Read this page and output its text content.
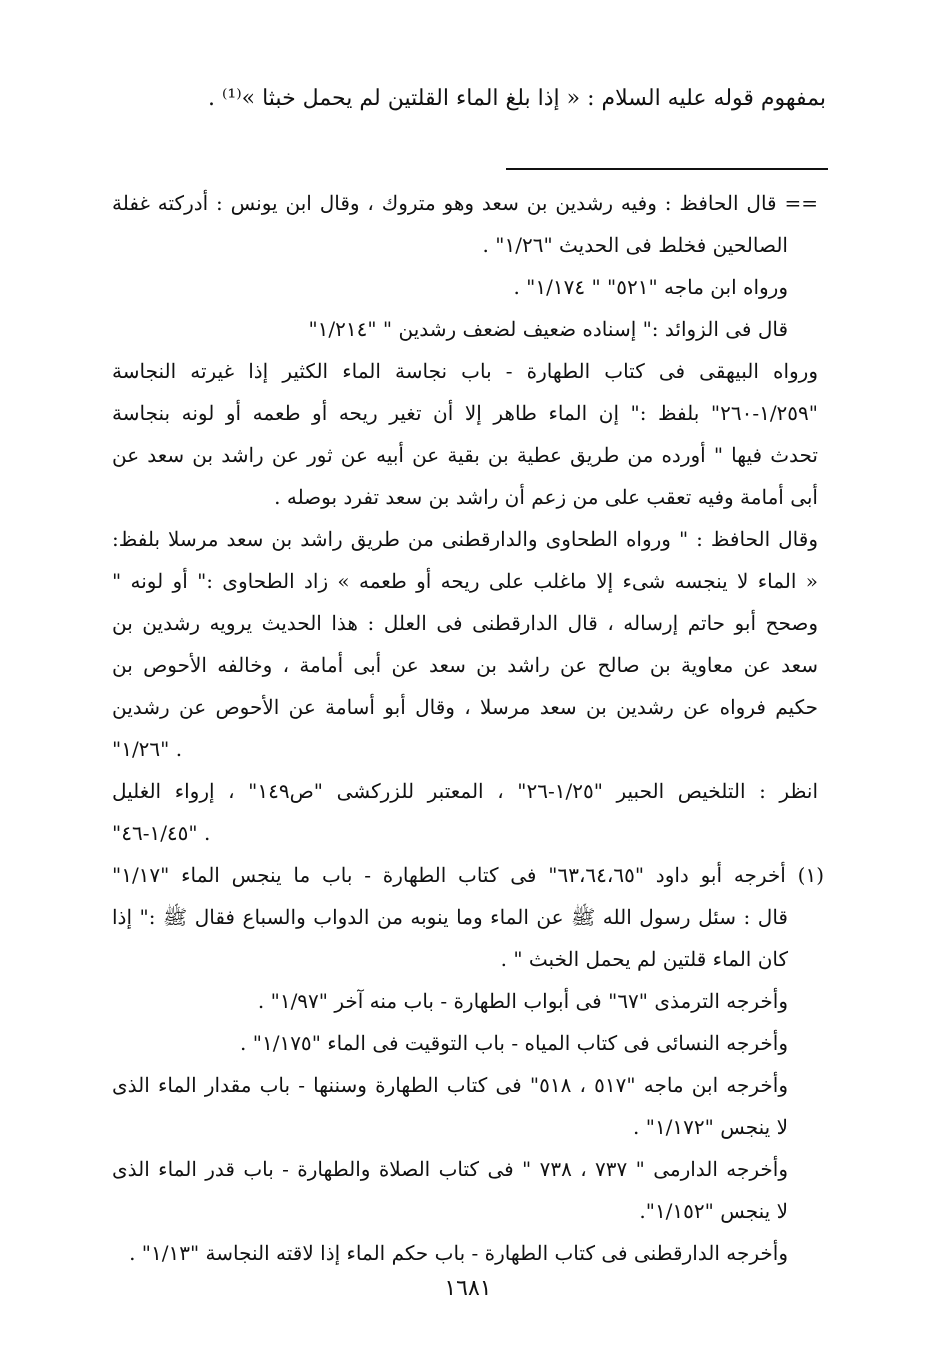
بمفهوم قوله عليه السلام : « إذا بلغ الماء القلتين لم يحمل خبثا »⁽¹⁾ .
== قال الحافظ : وفيه رشدين بن سعد وهو متروك ، وقال ابن يونس : أدركته غفلة
الصالحين فخلط فى الحديث "١/٢٦" .
ورواه ابن ماجه "٥٢١" " ١/١٧٤" .
قال فى الزوائد :" إسناده ضعيف لضعف رشدين " "١/٢١٤"
ورواه البيهقى فى كتاب الطهارة - باب نجاسة الماء الكثير إذا غيرته النجاسة
"١/٢٥٩-٢٦٠" بلفظ :" إن الماء طاهر إلا أن تغير ريحه أو طعمه أو لونه بنجاسة
تحدث فيها " أورده من طريق عطية بن بقية عن أبيه عن ثور عن راشد بن سعد عن
أبى أمامة وفيه تعقب على من زعم أن راشد بن سعد تفرد بوصله .
وقال الحافظ : " ورواه الطحاوى والدارقطنى من طريق راشد بن سعد مرسلا بلفظ:
« الماء لا ينجسه شىء إلا ماغلب على ريحه أو طعمه » زاد الطحاوى :" أو لونه "
وصحح أبو حاتم إرساله ، قال الدارقطنى فى العلل : هذا الحديث يرويه رشدين بن
سعد عن معاوية بن صالح عن راشد بن سعد عن أبى أمامة ، وخالفه الأحوص بن
حكيم فرواه عن رشدين بن سعد مرسلا ، وقال أبو أسامة عن الأحوص عن رشدين
"١/٢٦" .
انظر : التلخيص الحبير "١/٢٥-٢٦" ، المعتبر للزركشى "ص١٤٩" ، إرواء الغليل
"١/٤٥-٤٦" .
(١) أخرجه أبو داود "٦٣،٦٤،٦٥" فى كتاب الطهارة - باب ما ينجس الماء "١/١٧"
قال : سئل رسول الله ﷺ عن الماء وما ينوبه من الدواب والسباع فقال ﷺ :" إذا
كان الماء قلتين لم يحمل الخبث " .
وأخرجه الترمذى "٦٧" فى أبواب الطهارة - باب منه آخر "١/٩٧" .
وأخرجه النسائى فى كتاب المياه - باب التوقيت فى الماء "١/١٧٥" .
وأخرجه ابن ماجه "٥١٧ ، ٥١٨" فى كتاب الطهارة وسننها - باب مقدار الماء الذى
لا ينجس "١/١٧٢" .
وأخرجه الدارمى " ٧٣٧ ، ٧٣٨ " فى كتاب الصلاة والطهارة - باب قدر الماء الذى
لا ينجس "١/١٥٢".
وأخرجه الدارقطنى فى كتاب الطهارة - باب حكم الماء إذا لاقته النجاسة "١/١٣" .
١٦٨١
